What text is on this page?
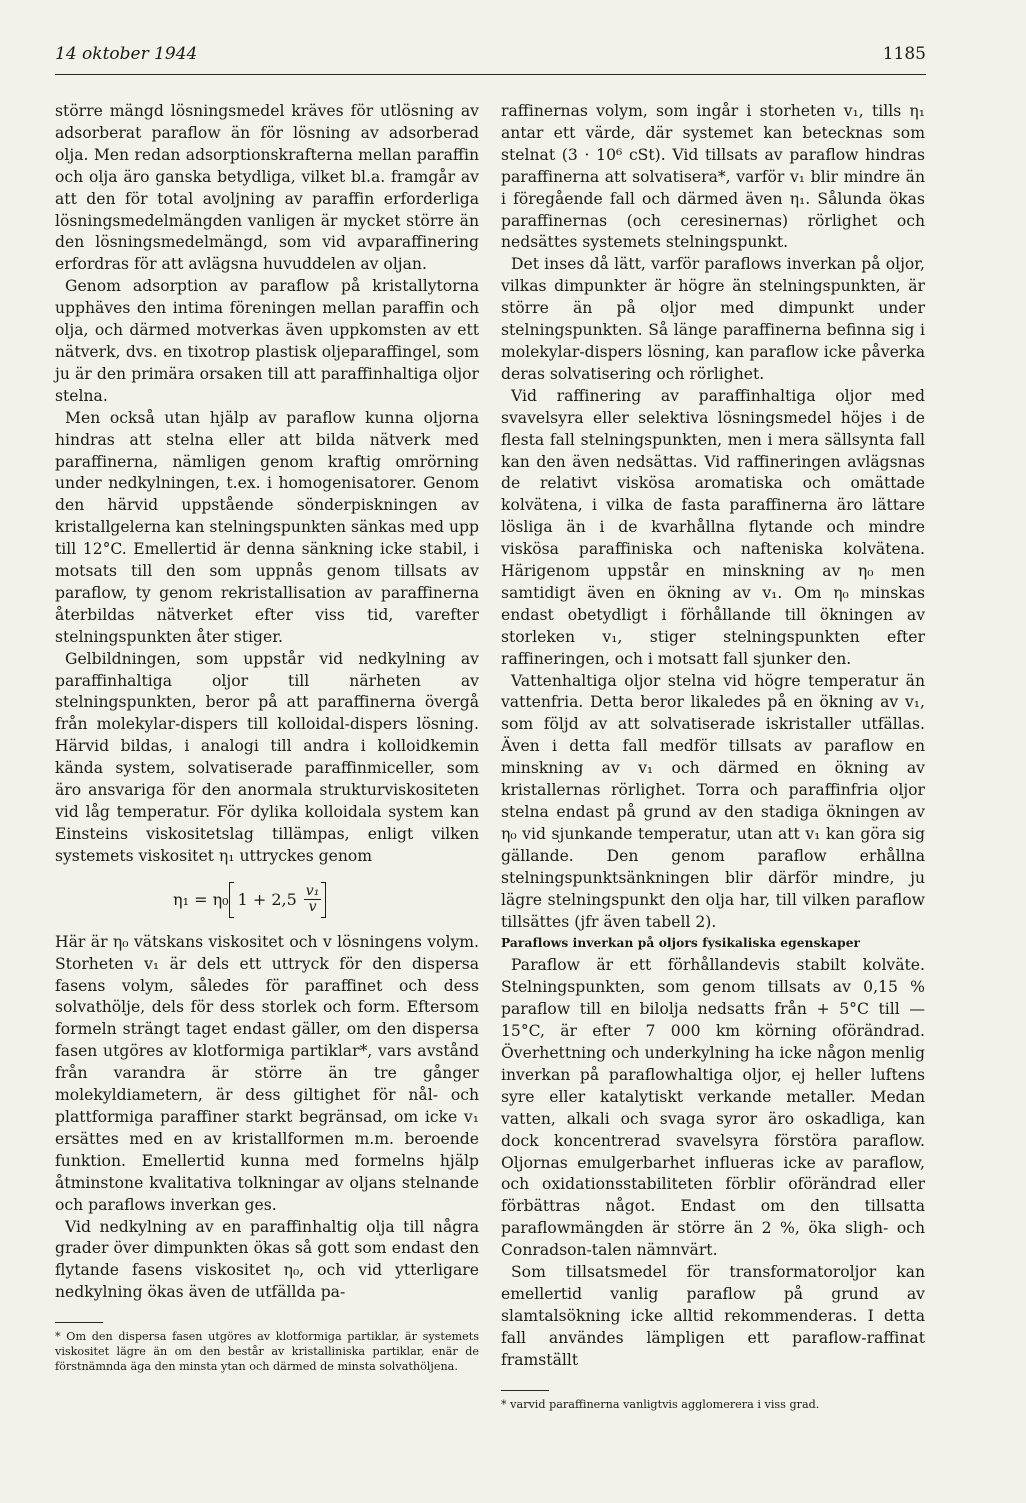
14 oktober 1944	1185

större mängd lösningsmedel kräves för utlösning av adsorberat paraflow än för lösning av adsorberad olja. Men redan adsorptionskrafterna mellan paraffin och olja äro ganska betydliga, vilket bl.a. framgår av att den för total avoljning av paraffin erforderliga lösningsmedelmängden vanligen är mycket större än den lösningsmedelmängd, som vid avparaffinering erfordras för att avlägsna huvuddelen av oljan.

Genom adsorption av paraflow på kristallytorna upphäves den intima föreningen mellan paraffin och olja, och därmed motverkas även uppkomsten av ett nätverk, dvs. en tixotrop plastisk oljeparaffingel, som ju är den primära orsaken till att paraffinhaltiga oljor stelna.

Men också utan hjälp av paraflow kunna oljorna hindras att stelna eller att bilda nätverk med paraffinerna, nämligen genom kraftig omrörning under nedkylningen, t.ex. i homogenisatorer. Genom den härvid uppstående sönderpiskningen av kristallgelerna kan stelningspunkten sänkas med upp till 12°C. Emellertid är denna sänkning icke stabil, i motsats till den som uppnås genom tillsats av paraflow, ty genom rekristallisation av paraffinerna återbildas nätverket efter viss tid, varefter stelningspunkten åter stiger.

Gelbildningen, som uppstår vid nedkylning av paraffinhaltiga oljor till närheten av stelningspunkten, beror på att paraffinerna övergå från molekylar-dispers till kolloidal-dispers lösning. Härvid bildas, i analogi till andra i kolloidkemin kända system, solvatiserade paraffinmiceller, som äro ansvariga för den anormala strukturviskositeten vid låg temperatur. För dylika kolloidala system kan Einsteins viskositetslag tillämpas, enligt vilken systemets viskositet η₁ uttryckes genom

η₁ = η₀ $1 + 2,5 \frac{\text{v₁}}{v}$

Här är η₀ vätskans viskositet och v lösningens volym. Storheten v₁ är dels ett uttryck för den dispersa fasens volym, således för paraffinet och dess solvathölje, dels för dess storlek och form. Eftersom formeln strängt taget endast gäller, om den dispersa fasen utgöres av klotformiga partiklar*, vars avstånd från varandra är större än tre gånger molekyldiametern, är dess giltighet för nål- och plattformiga paraffiner starkt begränsad, om icke v₁ ersättes med en av kristallformen m.m. beroende funktion. Emellertid kunna med formelns hjälp åtminstone kvalitativa tolkningar av oljans stelnande och paraflows inverkan ges.

Vid nedkylning av en paraffinhaltig olja till några grader över dimpunkten ökas så gott som endast den flytande fasens viskositet η₀, och vid ytterligare nedkylning ökas även de utfällda pa-

* Om den dispersa fasen utgöres av klotformiga partiklar, är systemets viskositet lägre än om den består av kristalliniska partiklar, enär de förstnämnda äga den minsta ytan och därmed de minsta solvathöljena.

raffinernas volym, som ingår i storheten v₁, tills η₁ antar ett värde, där systemet kan betecknas som stelnat (3 · 10⁶ cSt). Vid tillsats av paraflow hindras paraffinerna att solvatisera*, varför v₁ blir mindre än i föregående fall och därmed även η₁. Sålunda ökas paraffinernas (och ceresinernas) rörlighet och nedsättes systemets stelningspunkt.

Det inses då lätt, varför paraflows inverkan på oljor, vilkas dimpunkter är högre än stelningspunkten, är större än på oljor med dimpunkt under stelningspunkten. Så länge paraffinerna befinna sig i molekylar-dispers lösning, kan paraflow icke påverka deras solvatisering och rörlighet.

Vid raffinering av paraffinhaltiga oljor med svavelsyra eller selektiva lösningsmedel höjes i de flesta fall stelningspunkten, men i mera sällsynta fall kan den även nedsättas. Vid raffineringen avlägsnas de relativt viskösa aromatiska och omättade kolvätena, i vilka de fasta paraffinerna äro lättare lösliga än i de kvarhållna flytande och mindre viskösa paraffiniska och nafteniska kolvätena. Härigenom uppstår en minskning av η₀ men samtidigt även en ökning av v₁. Om η₀ minskas endast obetydligt i förhållande till ökningen av storleken v₁, stiger stelningspunkten efter raffineringen, och i motsatt fall sjunker den.

Vattenhaltiga oljor stelna vid högre temperatur än vattenfria. Detta beror likaledes på en ökning av v₁, som följd av att solvatiserade iskristaller utfällas. Även i detta fall medför tillsats av paraflow en minskning av v₁ och därmed en ökning av kristallernas rörlighet. Torra och paraffinfria oljor stelna endast på grund av den stadiga ökningen av η₀ vid sjunkande temperatur, utan att v₁ kan göra sig gällande. Den genom paraflow erhållna stelningspunktsänkningen blir därför mindre, ju lägre stelningspunkt den olja har, till vilken paraflow tillsättes (jfr även tabell 2).

Paraflows inverkan på oljors fysikaliska egenskaper

Paraflow är ett förhållandevis stabilt kolväte. Stelningspunkten, som genom tillsats av 0,15 % paraflow till en bilolja nedsatts från + 5°C till — 15°C, är efter 7 000 km körning oförändrad. Överhettning och underkylning ha icke någon menlig inverkan på paraflowhaltiga oljor, ej heller luftens syre eller katalytiskt verkande metaller. Medan vatten, alkali och svaga syror äro oskadliga, kan dock koncentrerad svavelsyra förstöra paraflow. Oljornas emulgerbarhet influeras icke av paraflow, och oxidationsstabiliteten förblir oförändrad eller förbättras något. Endast om den tillsatta paraflowmängden är större än 2 %, öka sligh- och Conradson-talen nämnvärt.

Som tillsatsmedel för transformatoroljor kan emellertid vanlig paraflow på grund av slamtalsökning icke alltid rekommenderas. I detta fall användes lämpligen ett paraflow-raffinat framställt

* varvid paraffinerna vanligtvis agglomerera i viss grad.
